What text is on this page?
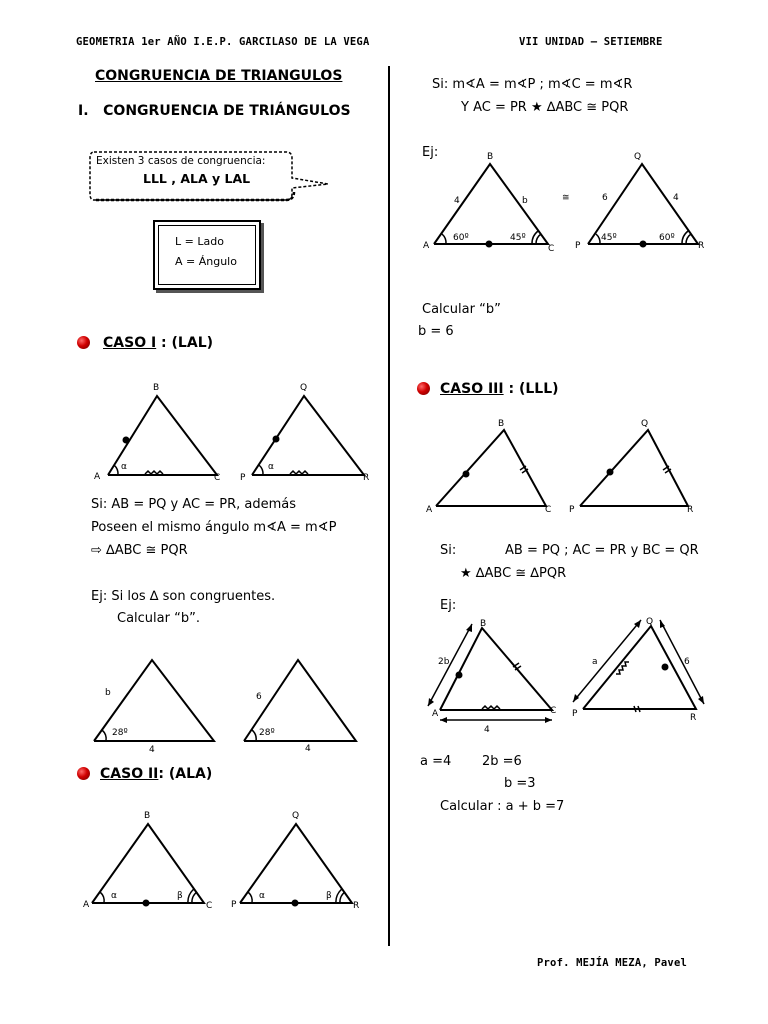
GEOMETRIA 1er AÑO I.E.P. GARCILASO DE LA VEGA	VII UNIDAD – SETIEMBRE
CONGRUENCIA DE TRIANGULOS
I.   CONGRUENCIA DE TRIÁNGULOS
Existen 3 casos de congruencia:
LLL , ALA y LAL
L = Lado
A = Ángulo
CASO I : (LAL)
α
A
B
C
α
P
Q
R
Si: AB = PQ y AC = PR, además
Poseen el mismo ángulo m∢A = m∢P
⇨ ∆ABC ≅ PQR
Ej: Si los ∆ son congruentes.
Calcular “b”.
b
28º
4
6
28º
4
CASO II: (ALA)
α	β
A
B
C
α	β
P
Q
R
Si: m∢A = m∢P ; m∢C = m∢R
Y AC = PR ★ ∆ABC ≅ PQR
Ej:
A
B
C
4	b
60º	45º
≅
P
Q
R
6	4
45º	60º
Calcular “b”
b = 6
CASO III : (LLL)
A
B
C P
Q
R
Si:	AB = PQ ; AC = PR y BC = QR
★ ∆ABC ≅ ∆PQR
Ej:
2b
4
A
B
C
a	6
P
Q
R
a =4 2b =6
b =3
Calcular : a + b =7
Prof. MEJÍA MEZA, Pavel
